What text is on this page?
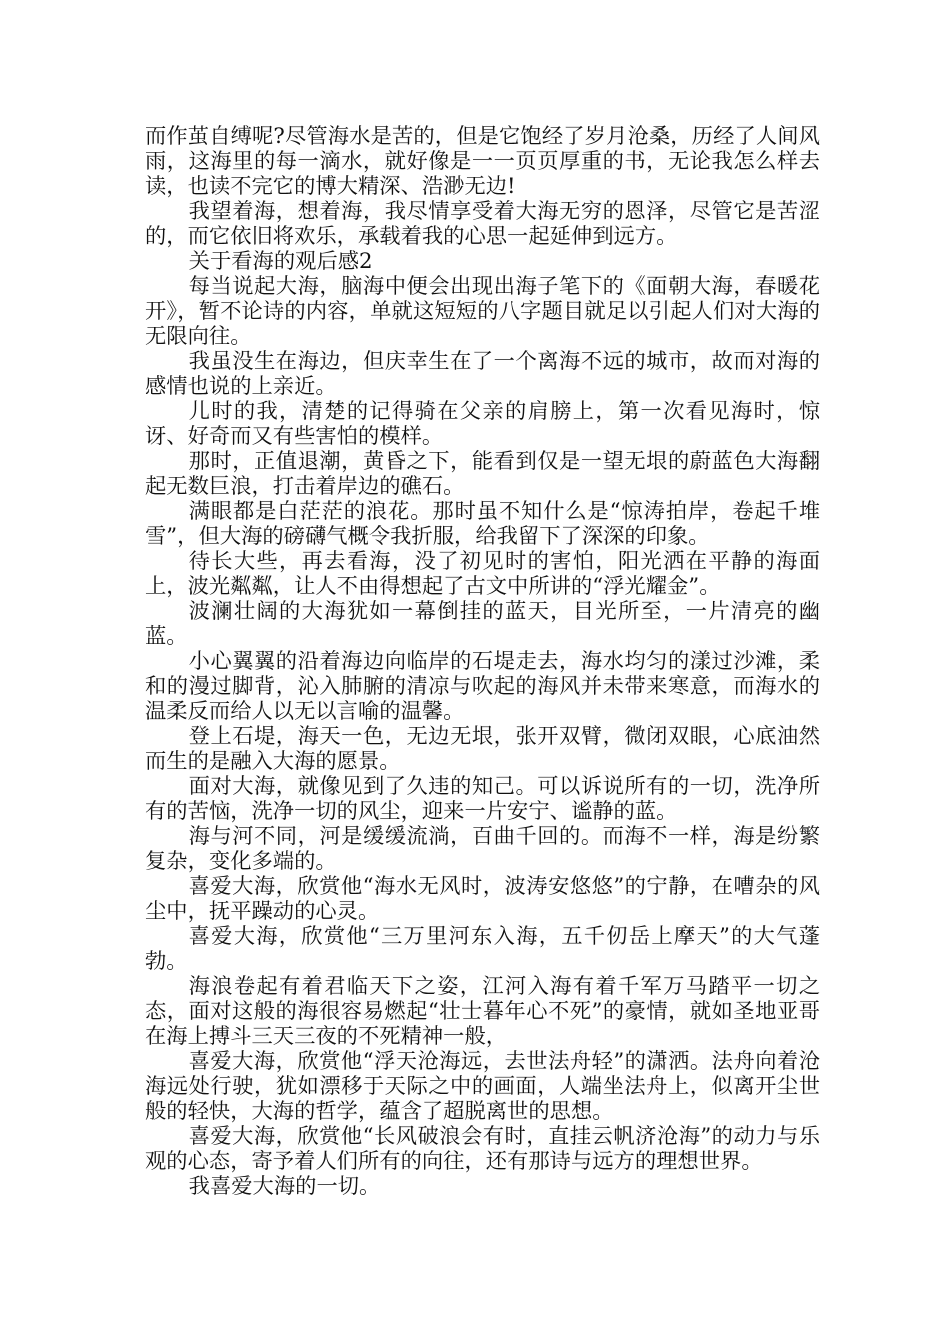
而作茧自缚呢?尽管海水是苦的，但是它饱经了岁月沧桑，历经了人间风雨，这海里的每一滴水，就好像是一一页页厚重的书，无论我怎么样去读，也读不完它的博大精深、浩渺无边!

我望着海，想着海，我尽情享受着大海无穷的恩泽，尽管它是苦涩的，而它依旧将欢乐，承载着我的心思一起延伸到远方。

关于看海的观后感2

每当说起大海，脑海中便会出现出海子笔下的《面朝大海，春暖花开》，暂不论诗的内容，单就这短短的八字题目就足以引起人们对大海的无限向往。

我虽没生在海边，但庆幸生在了一个离海不远的城市，故而对海的感情也说的上亲近。

儿时的我，清楚的记得骑在父亲的肩膀上，第一次看见海时，惊讶、好奇而又有些害怕的模样。

那时，正值退潮，黄昏之下，能看到仅是一望无垠的蔚蓝色大海翻起无数巨浪，打击着岸边的礁石。

满眼都是白茫茫的浪花。那时虽不知什么是“惊涛拍岸，卷起千堆雪”，但大海的磅礴气概令我折服，给我留下了深深的印象。

待长大些，再去看海，没了初见时的害怕，阳光洒在平静的海面上，波光粼粼，让人不由得想起了古文中所讲的“浮光耀金”。

波澜壮阔的大海犹如一幕倒挂的蓝天，目光所至，一片清亮的幽蓝。

小心翼翼的沿着海边向临岸的石堤走去，海水均匀的漾过沙滩，柔和的漫过脚背，沁入肺腑的清凉与吹起的海风并未带来寒意，而海水的温柔反而给人以无以言喻的温馨。

登上石堤，海天一色，无边无垠，张开双臂，微闭双眼，心底油然而生的是融入大海的愿景。

面对大海，就像见到了久违的知己。可以诉说所有的一切，洗净所有的苦恼，洗净一切的风尘，迎来一片安宁、谧静的蓝。

海与河不同，河是缓缓流淌，百曲千回的。而海不一样，海是纷繁复杂，变化多端的。

喜爱大海，欣赏他“海水无风时，波涛安悠悠”的宁静，在嘈杂的风尘中，抚平躁动的心灵。

喜爱大海，欣赏他“三万里河东入海，五千仞岳上摩天”的大气蓬勃。

海浪卷起有着君临天下之姿，江河入海有着千军万马踏平一切之态，面对这般的海很容易燃起“壮士暮年心不死”的豪情，就如圣地亚哥在海上搏斗三天三夜的不死精神一般，

喜爱大海，欣赏他“浮天沧海远，去世法舟轻”的潇洒。法舟向着沧海远处行驶，犹如漂移于天际之中的画面，人端坐法舟上，似离开尘世般的轻快，大海的哲学，蕴含了超脱离世的思想。

喜爱大海，欣赏他“长风破浪会有时，直挂云帆济沧海”的动力与乐观的心态，寄予着人们所有的向往，还有那诗与远方的理想世界。

我喜爱大海的一切。
